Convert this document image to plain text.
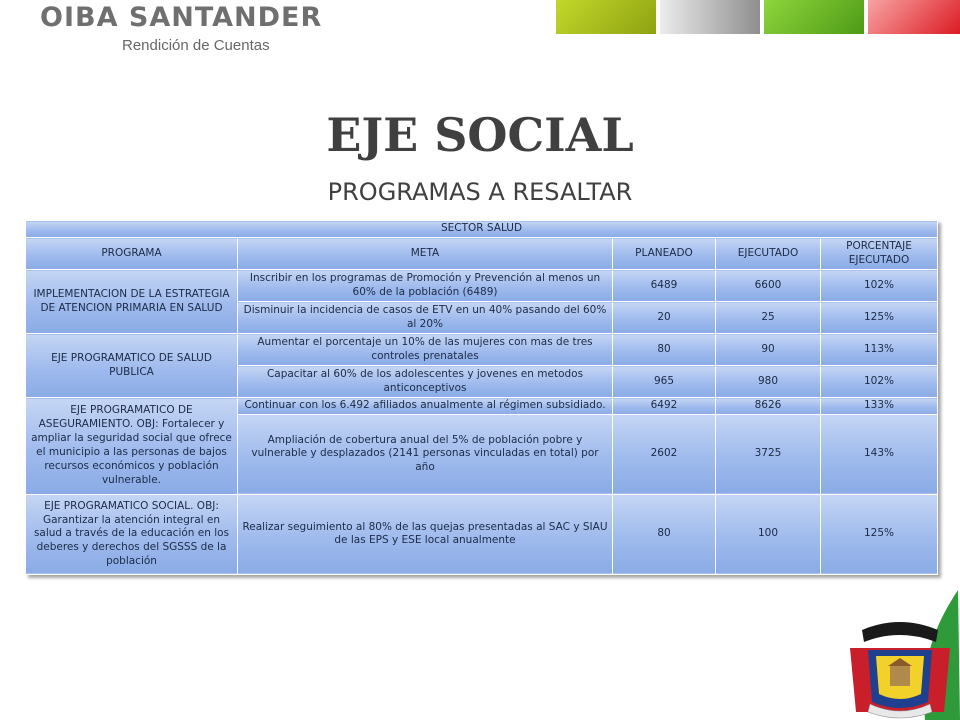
OIBA SANTANDER
Rendición de Cuentas
EJE SOCIAL
PROGRAMAS A RESALTAR
SECTOR SALUD				
PROGRAMA	META	PLANEADO	EJECUTADO	PORCENTAJE EJECUTADO
IMPLEMENTACION DE LA ESTRATEGIA DE ATENCION PRIMARIA EN SALUD	Inscribir en los programas de Promoción y Prevención al menos un 60% de la población (6489)	6489	6600	102%
	Disminuir la incidencia de casos de ETV en un 40% pasando del 60% al 20%	20	25	125%
EJE PROGRAMATICO DE SALUD PUBLICA	Aumentar el porcentaje un 10% de las mujeres con mas de tres controles prenatales	80	90	113%
	Capacitar al 60% de los adolescentes y jovenes en metodos anticonceptivos	965	980	102%
EJE PROGRAMATICO DE ASEGURAMIENTO. OBJ: Fortalecer y ampliar la seguridad social que ofrece el municipio a las personas de bajos recursos económicos y población vulnerable.	Continuar con los 6.492 afiliados anualmente al régimen subsidiado.	6492	8626	133%
	Ampliación de cobertura anual del 5% de población pobre y vulnerable y desplazados (2141 personas vinculadas en total) por año	2602	3725	143%
EJE PROGRAMATICO SOCIAL. OBJ: Garantizar la atención integral en salud a través de la educación en los deberes y derechos del SGSSS de la población	Realizar seguimiento al 80% de las quejas presentadas al SAC y SIAU de las EPS y ESE local anualmente	80	100	125%
